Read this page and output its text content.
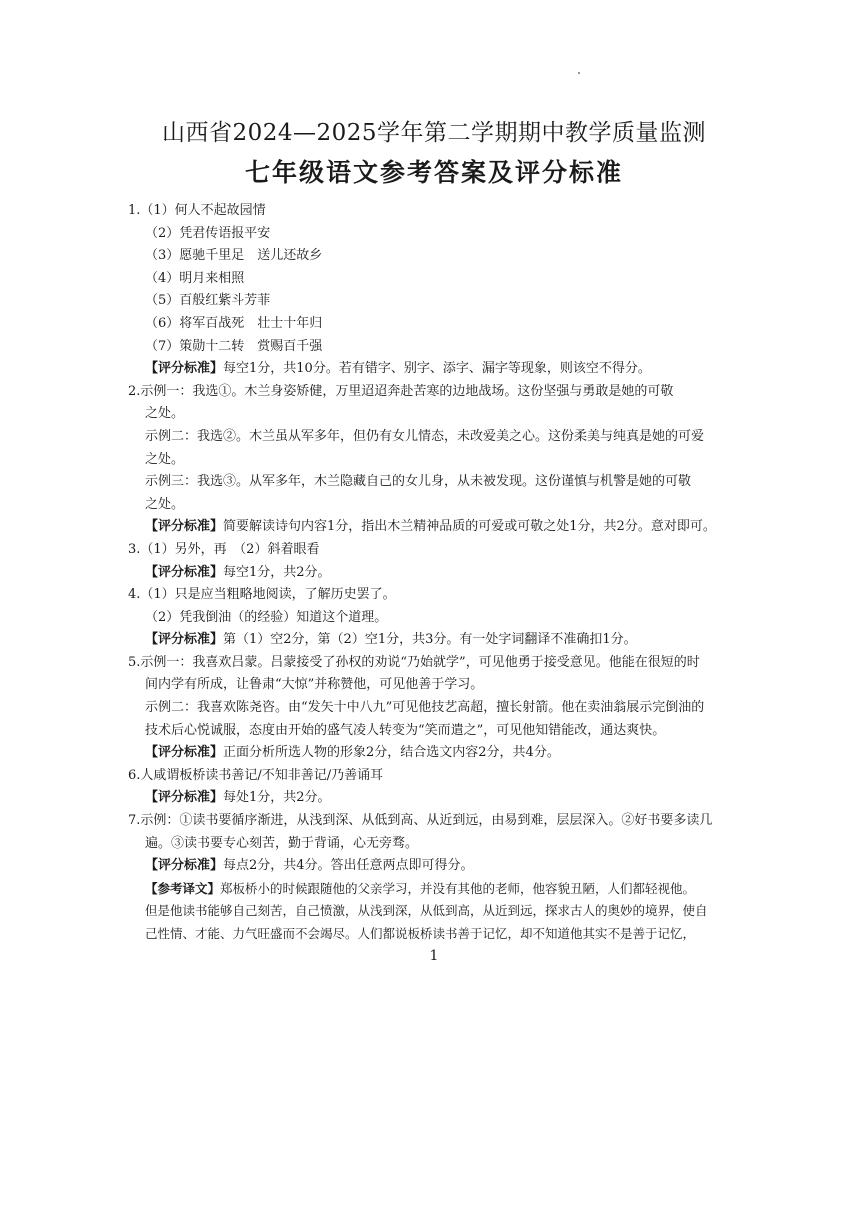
山西省2024—2025学年第二学期期中教学质量监测
七年级语文参考答案及评分标准
1.（1）何人不起故园情
（2）凭君传语报平安
（3）愿驰千里足　送儿还故乡
（4）明月来相照
（5）百般红紫斗芳菲
（6）将军百战死　壮士十年归
（7）策勋十二转　赏赐百千强
【评分标准】每空1分，共10分。若有错字、别字、添字、漏字等现象，则该空不得分。
2.示例一：我选①。木兰身姿矫健，万里迢迢奔赴苦寒的边地战场。这份坚强与勇敢是她的可敬
之处。
示例二：我选②。木兰虽从军多年，但仍有女儿情态，未改爱美之心。这份柔美与纯真是她的可爱
之处。
示例三：我选③。从军多年，木兰隐藏自己的女儿身，从未被发现。这份谨慎与机警是她的可敬
之处。
【评分标准】简要解读诗句内容1分，指出木兰精神品质的可爱或可敬之处1分，共2分。意对即可。
3.（1）另外，再　（2）斜着眼看
【评分标准】每空1分，共2分。
4.（1）只是应当粗略地阅读，了解历史罢了。
（2）凭我倒油（的经验）知道这个道理。
【评分标准】第（1）空2分，第（2）空1分，共3分。有一处字词翻译不准确扣1分。
5.示例一：我喜欢吕蒙。吕蒙接受了孙权的劝说“乃始就学”，可见他勇于接受意见。他能在很短的时
间内学有所成，让鲁肃“大惊”并称赞他，可见他善于学习。
示例二：我喜欢陈尧咨。由“发矢十中八九”可见他技艺高超，擅长射箭。他在卖油翁展示完倒油的
技术后心悦诚服，态度由开始的盛气凌人转变为“笑而遣之”，可见他知错能改，通达爽快。
【评分标准】正面分析所选人物的形象2分，结合选文内容2分，共4分。
6.人咸谓板桥读书善记/不知非善记/乃善诵耳
【评分标准】每处1分，共2分。
7.示例：①读书要循序渐进，从浅到深、从低到高、从近到远，由易到难，层层深入。②好书要多读几
遍。③读书要专心刻苦，勤于背诵，心无旁骛。
【评分标准】每点2分，共4分。答出任意两点即可得分。
【参考译文】郑板桥小的时候跟随他的父亲学习，并没有其他的老师，他容貌丑陋，人们都轻视他。
但是他读书能够自己刻苦，自己愤激，从浅到深，从低到高，从近到远，探求古人的奥妙的境界，使自
己性情、才能、力气旺盛而不会竭尽。人们都说板桥读书善于记忆，却不知道他其实不是善于记忆，
1
